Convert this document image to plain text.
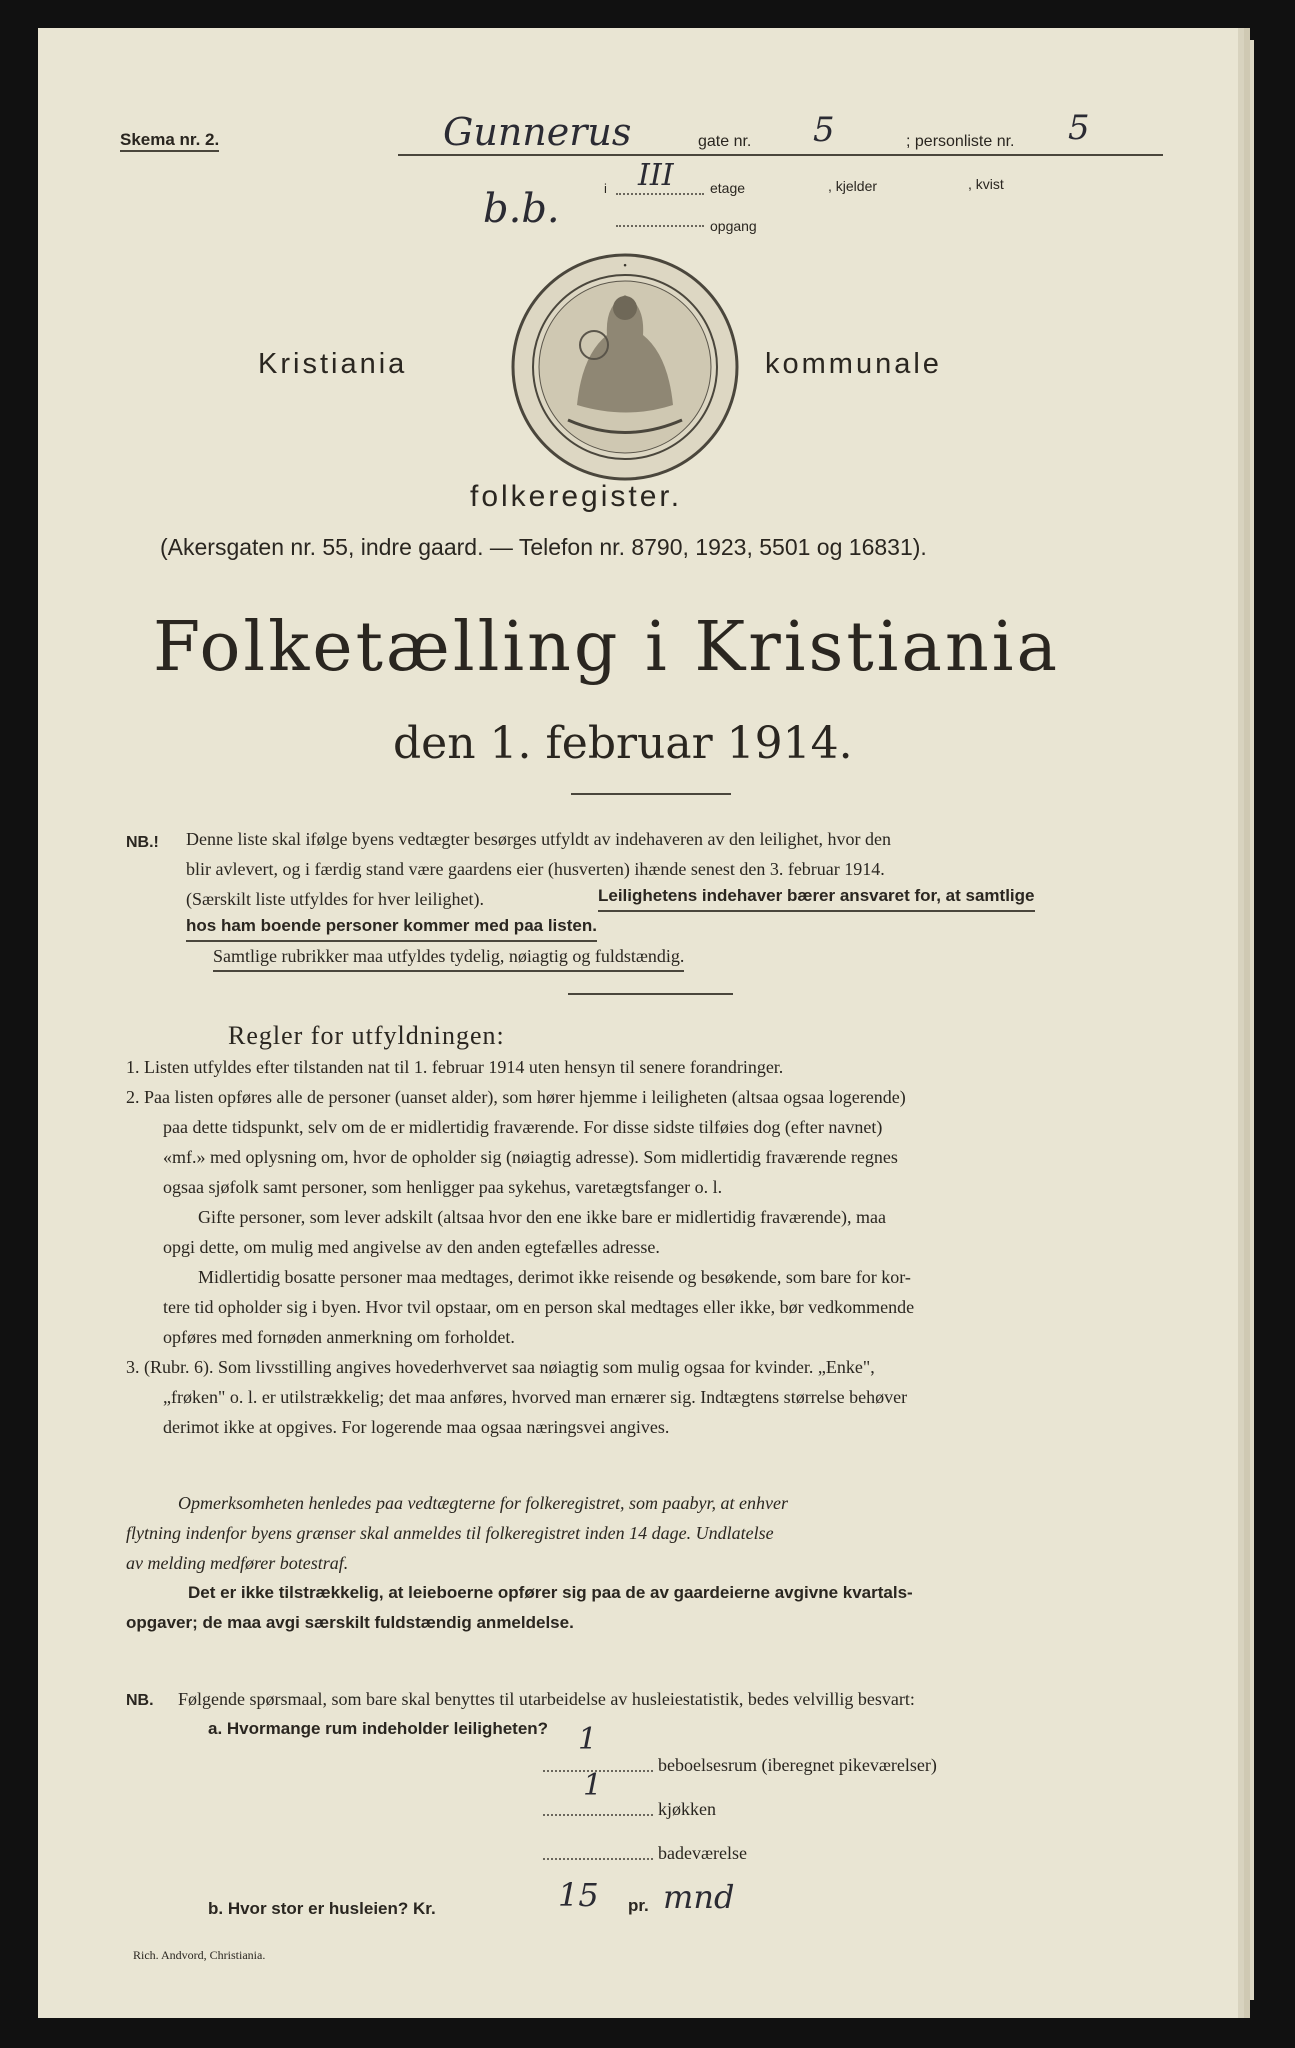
Skema nr. 2.	Gunnerus	gate nr. 5	; personliste nr. 5
b.b.	i III	etage	, kjelder	, kvist
opgang
Kristiania	kommunale
·
folkeregister.
(Akersgaten nr. 55, indre gaard. — Telefon nr. 8790, 1923, 5501 og 16831).
Folketælling i Kristiania
den 1. februar 1914.
NB.! Denne liste skal ifølge byens vedtægter besørges utfyldt av indehaveren av den leilighet, hvor den

blir avlevert, og i færdig stand være gaardens eier (husverten) ihænde senest den 3. februar 1914.

(Særskilt liste utfyldes for hver leilighet).	Leilighetens indehaver bærer ansvaret for, at samtlige

hos ham boende personer kommer med paa listen.

Samtlige rubrikker maa utfyldes tydelig, nøiagtig og fuldstændig.

Regler for utfyldningen:

1. Listen utfyldes efter tilstanden nat til 1. februar 1914 uten hensyn til senere forandringer.

2. Paa listen opføres alle de personer (uanset alder), som hører hjemme i leiligheten (altsaa ogsaa logerende)

paa dette tidspunkt, selv om de er midlertidig fraværende. For disse sidste tilføies dog (efter navnet)

«mf.» med oplysning om, hvor de opholder sig (nøiagtig adresse). Som midlertidig fraværende regnes

ogsaa sjøfolk samt personer, som henligger paa sykehus, varetægtsfanger o. l.

Gifte personer, som lever adskilt (altsaa hvor den ene ikke bare er midlertidig fraværende), maa

opgi dette, om mulig med angivelse av den anden egtefælles adresse.

Midlertidig bosatte personer maa medtages, derimot ikke reisende og besøkende, som bare for kor-

tere tid opholder sig i byen. Hvor tvil opstaar, om en person skal medtages eller ikke, bør vedkommende

opføres med fornøden anmerkning om forholdet.

3. (Rubr. 6). Som livsstilling angives hovederhvervet saa nøiagtig som mulig ogsaa for kvinder. „Enke",

„frøken" o. l. er utilstrækkelig; det maa anføres, hvorved man ernærer sig. Indtægtens størrelse behøver

derimot ikke at opgives. For logerende maa ogsaa næringsvei angives.

Opmerksomheten henledes paa vedtægterne for folkeregistret, som paabyr, at enhver

flytning indenfor byens grænser skal anmeldes til folkeregistret inden 14 dage. Undlatelse

av melding medfører botestraf.

Det er ikke tilstrækkelig, at leieboerne opfører sig paa de av gaardeierne avgivne kvartals-

opgaver; de maa avgi særskilt fuldstændig anmeldelse.

NB. Følgende spørsmaal, som bare skal benyttes til utarbeidelse av husleiestatistik, bedes velvillig besvart:

a. Hvormange rum indeholder leiligheten? 1
beboelsesrum (iberegnet pikeværelser)
1
kjøkken
badeværelse

b. Hvor stor er husleien? Kr.	15 pr. mnd
Rich. Andvord, Christiania.
